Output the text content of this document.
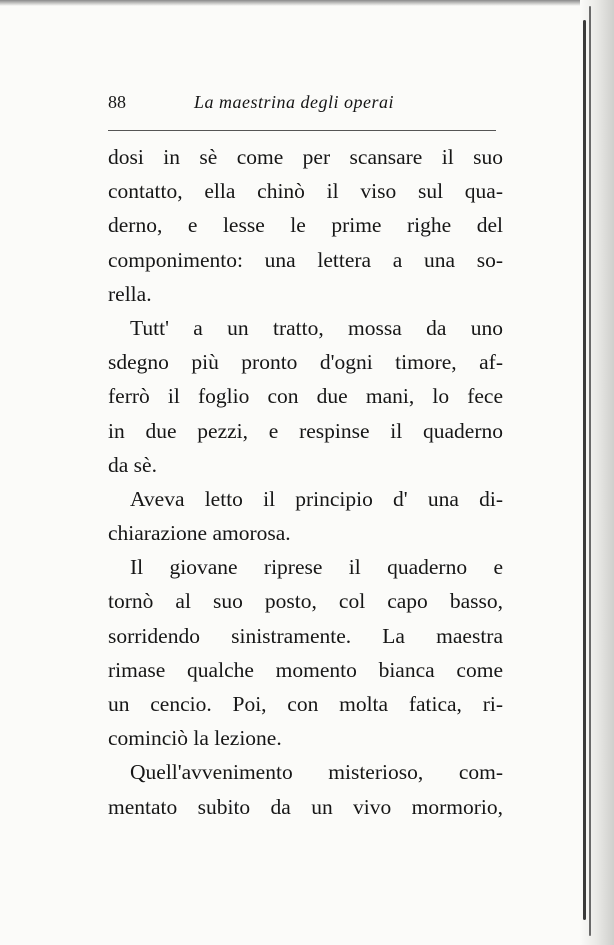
88	La maestrina degli operai
dosi in sè come per scansare il suo
contatto, ella chinò il viso sul qua-
derno, e lesse le prime righe del
componimento: una lettera a una so-
rella.
Tutt' a un tratto, mossa da uno
sdegno più pronto d'ogni timore, af-
ferrò il foglio con due mani, lo fece
in due pezzi, e respinse il quaderno
da sè.
Aveva letto il principio d' una di-
chiarazione amorosa.
Il giovane riprese il quaderno e
tornò al suo posto, col capo basso,
sorridendo sinistramente. La maestra
rimase qualche momento bianca come
un cencio. Poi, con molta fatica, ri-
cominciò la lezione.
Quell'avvenimento misterioso, com-
mentato subito da un vivo mormorio,
